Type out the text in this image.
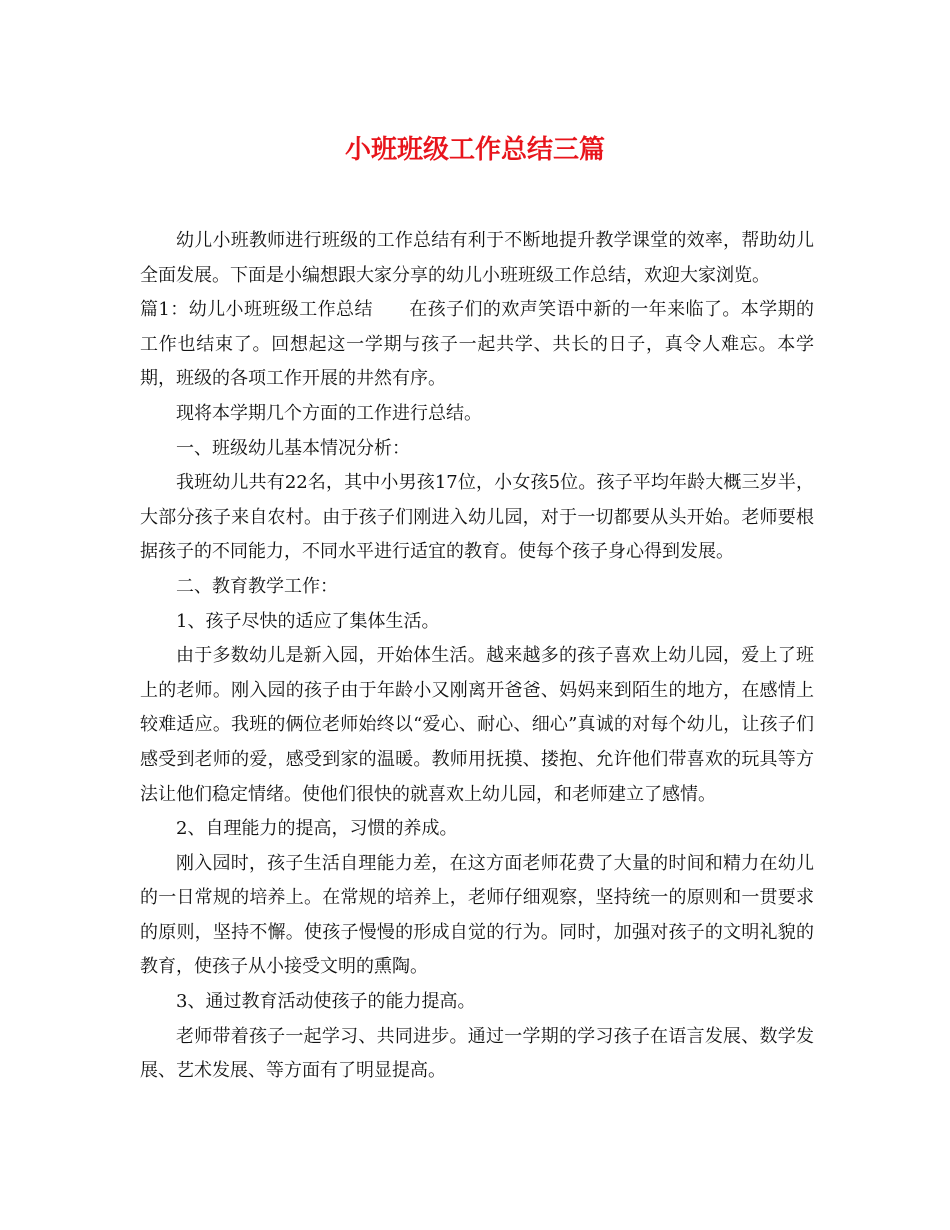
小班班级工作总结三篇

幼儿小班教师进行班级的工作总结有利于不断地提升教学课堂的效率，帮助幼儿全面发展。下面是小编想跟大家分享的幼儿小班班级工作总结，欢迎大家浏览。
篇1：幼儿小班班级工作总结 在孩子们的欢声笑语中新的一年来临了。本学期的工作也结束了。回想起这一学期与孩子一起共学、共长的日子，真令人难忘。本学期，班级的各项工作开展的井然有序。

现将本学期几个方面的工作进行总结。

一、班级幼儿基本情况分析：

我班幼儿共有22名，其中小男孩17位，小女孩5位。孩子平均年龄大概三岁半，大部分孩子来自农村。由于孩子们刚进入幼儿园，对于一切都要从头开始。老师要根据孩子的不同能力，不同水平进行适宜的教育。使每个孩子身心得到发展。

二、教育教学工作：

1、孩子尽快的适应了集体生活。

由于多数幼儿是新入园，开始体生活。越来越多的孩子喜欢上幼儿园，爱上了班上的老师。刚入园的孩子由于年龄小又刚离开爸爸、妈妈来到陌生的地方，在感情上较难适应。我班的俩位老师始终以“爱心、耐心、细心”真诚的对每个幼儿，让孩子们感受到老师的爱，感受到家的温暖。教师用抚摸、搂抱、允许他们带喜欢的玩具等方法让他们稳定情绪。使他们很快的就喜欢上幼儿园，和老师建立了感情。

2、自理能力的提高，习惯的养成。

刚入园时，孩子生活自理能力差，在这方面老师花费了大量的时间和精力在幼儿的一日常规的培养上。在常规的培养上，老师仔细观察，坚持统一的原则和一贯要求的原则，坚持不懈。使孩子慢慢的形成自觉的行为。同时，加强对孩子的文明礼貌的教育，使孩子从小接受文明的熏陶。

3、通过教育活动使孩子的能力提高。

老师带着孩子一起学习、共同进步。通过一学期的学习孩子在语言发展、数学发展、艺术发展、等方面有了明显提高。
